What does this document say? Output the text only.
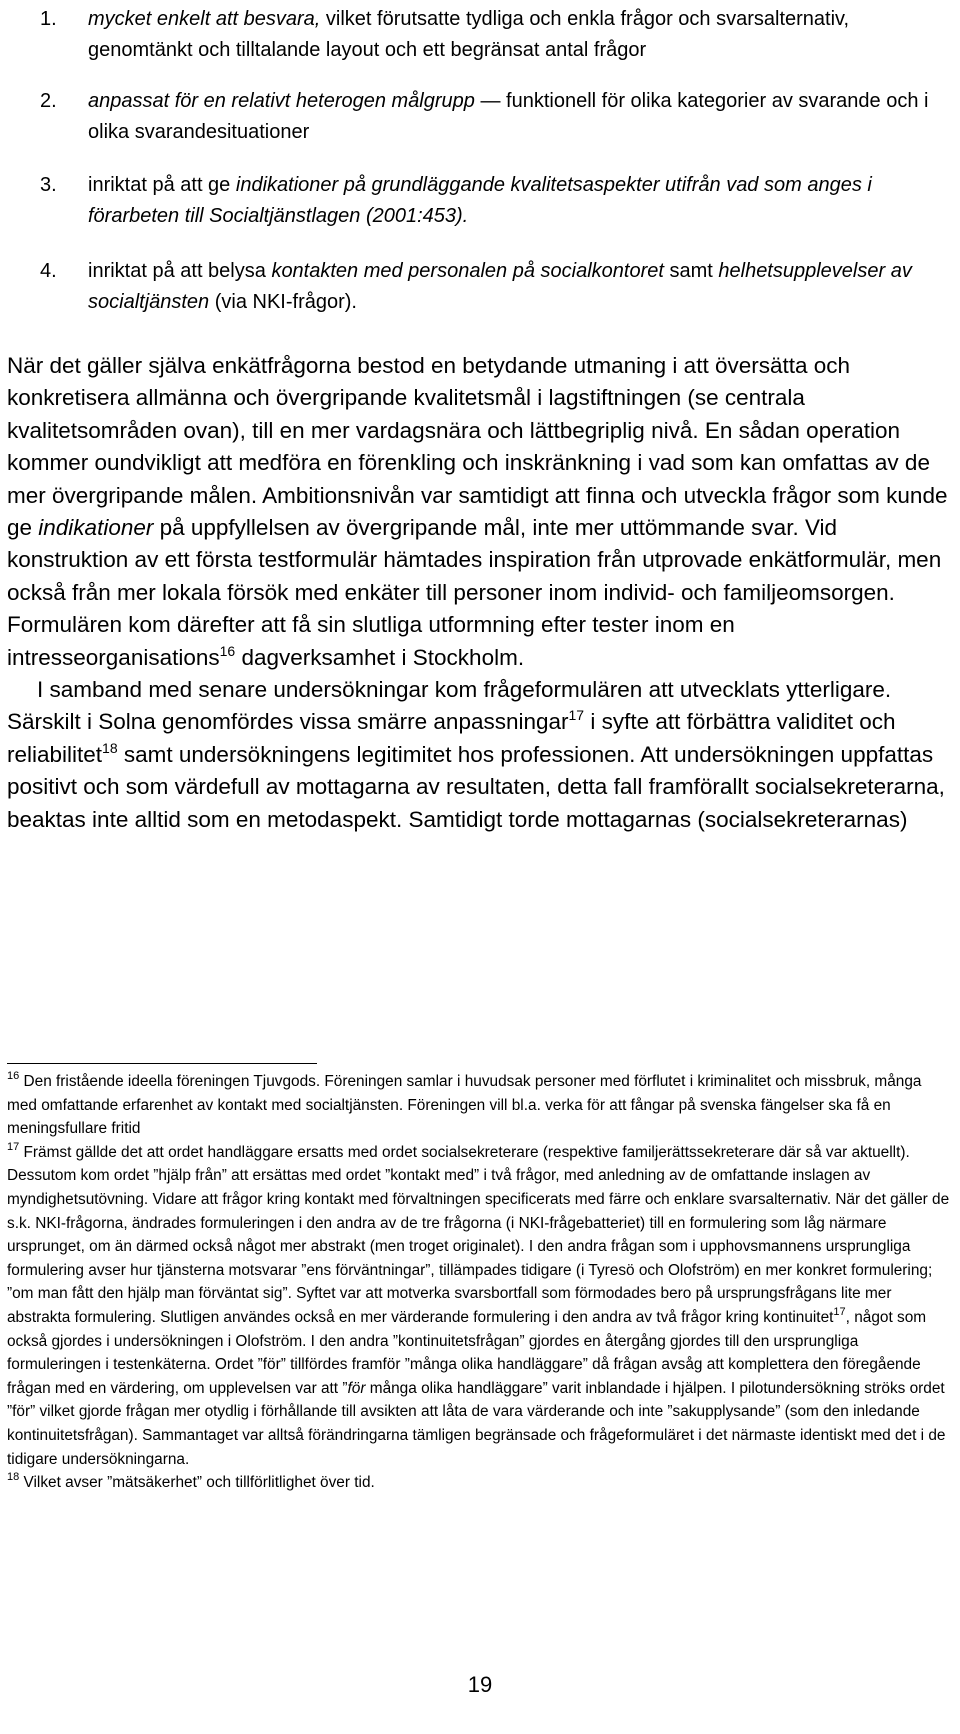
1. mycket enkelt att besvara, vilket förutsatte tydliga och enkla frågor och svarsalternativ, genomtänkt och tilltalande layout och ett begränsat antal frågor
2. anpassat för en relativt heterogen målgrupp — funktionell för olika kategorier av svarande och i olika svarandesituationer
3. inriktat på att ge indikationer på grundläggande kvalitetsaspekter utifrån vad som anges i förarbeten till Socialtjänstlagen (2001:453).
4. inriktat på att belysa kontakten med personalen på socialkontoret samt helhetsupplevelser av socialtjänsten (via NKI-frågor).

När det gäller själva enkätfrågorna bestod en betydande utmaning i att översätta och konkretisera allmänna och övergripande kvalitetsmål i lagstiftningen (se centrala kvalitetsområden ovan), till en mer vardagsnära och lättbegriplig nivå. En sådan operation kommer oundvikligt att medföra en förenkling och inskränkning i vad som kan omfattas av de mer övergripande målen. Ambitionsnivån var samtidigt att finna och utveckla frågor som kunde ge indikationer på uppfyllelsen av övergripande mål, inte mer uttömmande svar. Vid konstruktion av ett första testformulär hämtades inspiration från utprovade enkätformulär, men också från mer lokala försök med enkäter till personer inom individ- och familjeomsorgen. Formulären kom därefter att få sin slutliga utformning efter tester inom en intresseorganisations$^{16}$ dagverksamhet i Stockholm.

I samband med senare undersökningar kom frågeformulären att utvecklats ytterligare. Särskilt i Solna genomfördes vissa smärre anpassningar$^{17}$ i syfte att förbättra validitet och reliabilitet$^{18}$ samt undersökningens legitimitet hos professionen. Att undersökningen uppfattas positivt och som värdefull av mottagarna av resultaten, detta fall framförallt socialsekreterarna, beaktas inte alltid som en metodaspekt. Samtidigt torde mottagarnas (socialsekreterarnas)

$^{16}$ Den fristående ideella föreningen Tjuvgods. Föreningen samlar i huvudsak personer med förflutet i kriminalitet och missbruk, många med omfattande erfarenhet av kontakt med socialtjänsten. Föreningen vill bl.a. verka för att fångar på svenska fängelser ska få en meningsfullare fritid

$^{17}$ Främst gällde det att ordet handläggare ersatts med ordet socialsekreterare (respektive familjerättssekreterare där så var aktuellt). Dessutom kom ordet ”hjälp från” att ersättas med ordet ”kontakt med” i två frågor, med anledning av de omfattande inslagen av myndighetsutövning. Vidare att frågor kring kontakt med förvaltningen specificerats med färre och enklare svarsalternativ. När det gäller de s.k. NKI-frågorna, ändrades formuleringen i den andra av de tre frågorna (i NKI-frågebatteriet) till en formulering som låg närmare ursprunget, om än därmed också något mer abstrakt (men troget originalet). I den andra frågan som i upphovsmannens ursprungliga formulering avser hur tjänsterna motsvarar ”ens förväntningar”, tillämpades tidigare (i Tyresö och Olofström) en mer konkret formulering; ”om man fått den hjälp man förväntat sig”. Syftet var att motverka svarsbortfall som förmodades bero på ursprungsfrågans lite mer abstrakta formulering. Slutligen användes också en mer värderande formulering i den andra av två frågor kring kontinuitet$^{17}$, något som också gjordes i undersökningen i Olofström. I den andra ”kontinuitetsfrågan” gjordes en återgång gjordes till den ursprungliga formuleringen i testenkäterna. Ordet ”för” tillfördes framför ”många olika handläggare” då frågan avsåg att komplettera den föregående frågan med en värdering, om upplevelsen var att ”för många olika handläggare” varit inblandade i hjälpen. I pilotundersökning ströks ordet ”för” vilket gjorde frågan mer otydlig i förhållande till avsikten att låta de vara värderande och inte ”sakupplysande” (som den inledande kontinuitetsfrågan). Sammantaget var alltså förändringarna tämligen begränsade och frågeformuläret i det närmaste identiskt med det i de tidigare undersökningarna.

$^{18}$ Vilket avser ”mätsäkerhet” och tillförlitlighet över tid.

19
